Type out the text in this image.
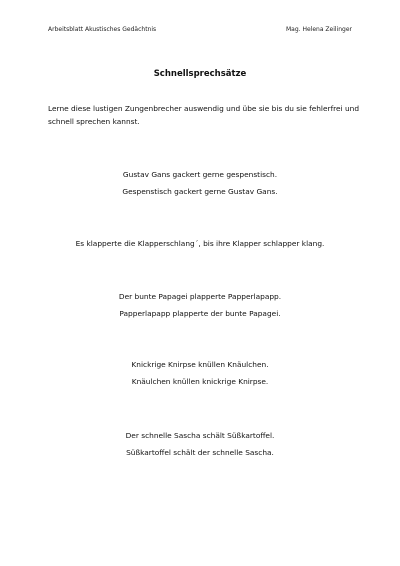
Arbeitsblatt Akustisches Gedächtnis	Mag. Helena Zeilinger
Schnellsprechsätze
Lerne diese lustigen Zungenbrecher auswendig und übe sie bis du sie fehlerfrei und schnell sprechen kannst.

Gustav Gans gackert gerne gespenstisch.

Gespenstisch gackert gerne Gustav Gans.

Es klapperte die Klapperschlang´, bis ihre Klapper schlapper klang.

Der bunte Papagei plapperte Papperlapapp.

Papperlapapp plapperte der bunte Papagei.

Knickrige Knirpse knüllen Knäulchen.

Knäulchen knüllen knickrige Knirpse.

Der schnelle Sascha schält Süßkartoffel.

Süßkartoffel schält der schnelle Sascha.
